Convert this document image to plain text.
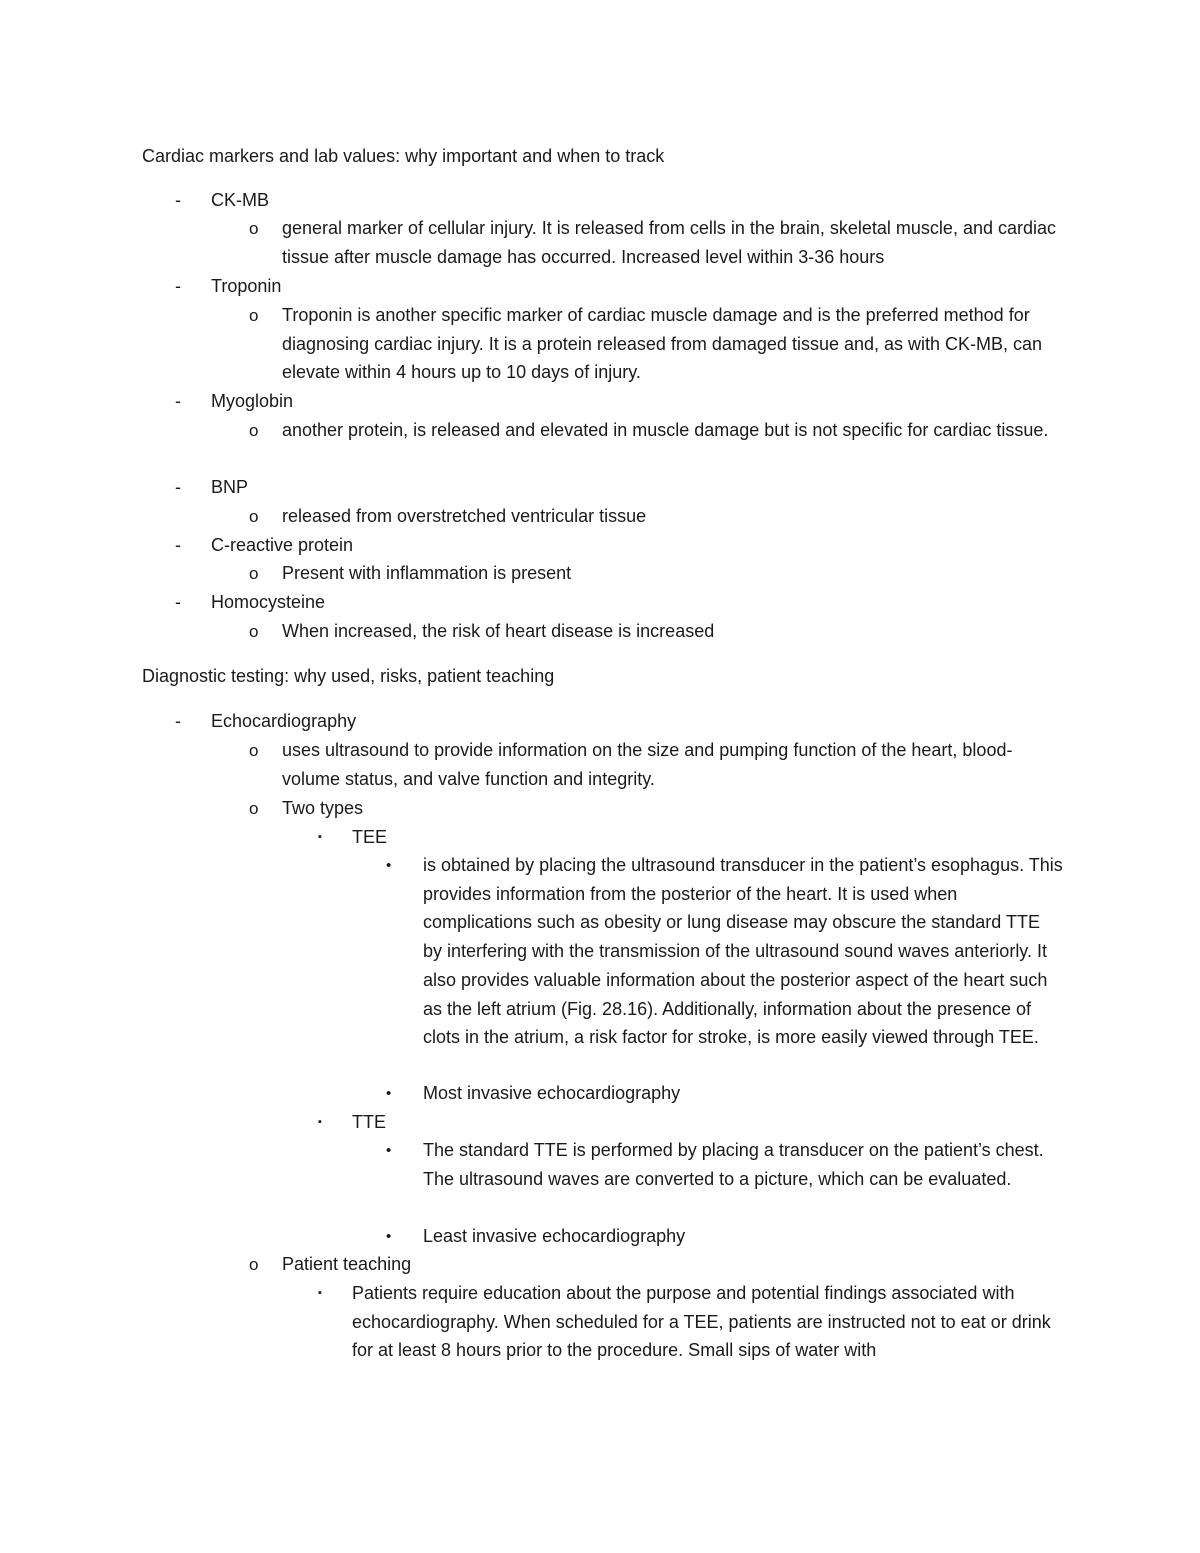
Cardiac markers and lab values: why important and when to track
- CK-MB
o general marker of cellular injury. It is released from cells in the brain, skeletal muscle, and cardiac tissue after muscle damage has occurred. Increased level within 3-36 hours
- Troponin
o Troponin is another specific marker of cardiac muscle damage and is the preferred method for diagnosing cardiac injury. It is a protein released from damaged tissue and, as with CK-MB, can elevate within 4 hours up to 10 days of injury.
- Myoglobin
o another protein, is released and elevated in muscle damage but is not specific for cardiac tissue.
- BNP
o released from overstretched ventricular tissue
- C-reactive protein
o Present with inflammation is present
- Homocysteine
o When increased, the risk of heart disease is increased
Diagnostic testing: why used, risks, patient teaching
- Echocardiography
o uses ultrasound to provide information on the size and pumping function of the heart, blood-volume status, and valve function and integrity.
o Two types
▪ TEE
• is obtained by placing the ultrasound transducer in the patient’s esophagus. This provides information from the posterior of the heart. It is used when complications such as obesity or lung disease may obscure the standard TTE by interfering with the transmission of the ultrasound sound waves anteriorly. It also provides valuable information about the posterior aspect of the heart such as the left atrium (Fig. 28.16). Additionally, information about the presence of clots in the atrium, a risk factor for stroke, is more easily viewed through TEE.
• Most invasive echocardiography
▪ TTE
• The standard TTE is performed by placing a transducer on the patient’s chest. The ultrasound waves are converted to a picture, which can be evaluated.
• Least invasive echocardiography
o Patient teaching
▪ Patients require education about the purpose and potential findings associated with echocardiography. When scheduled for a TEE, patients are instructed not to eat or drink for at least 8 hours prior to the procedure. Small sips of water with
